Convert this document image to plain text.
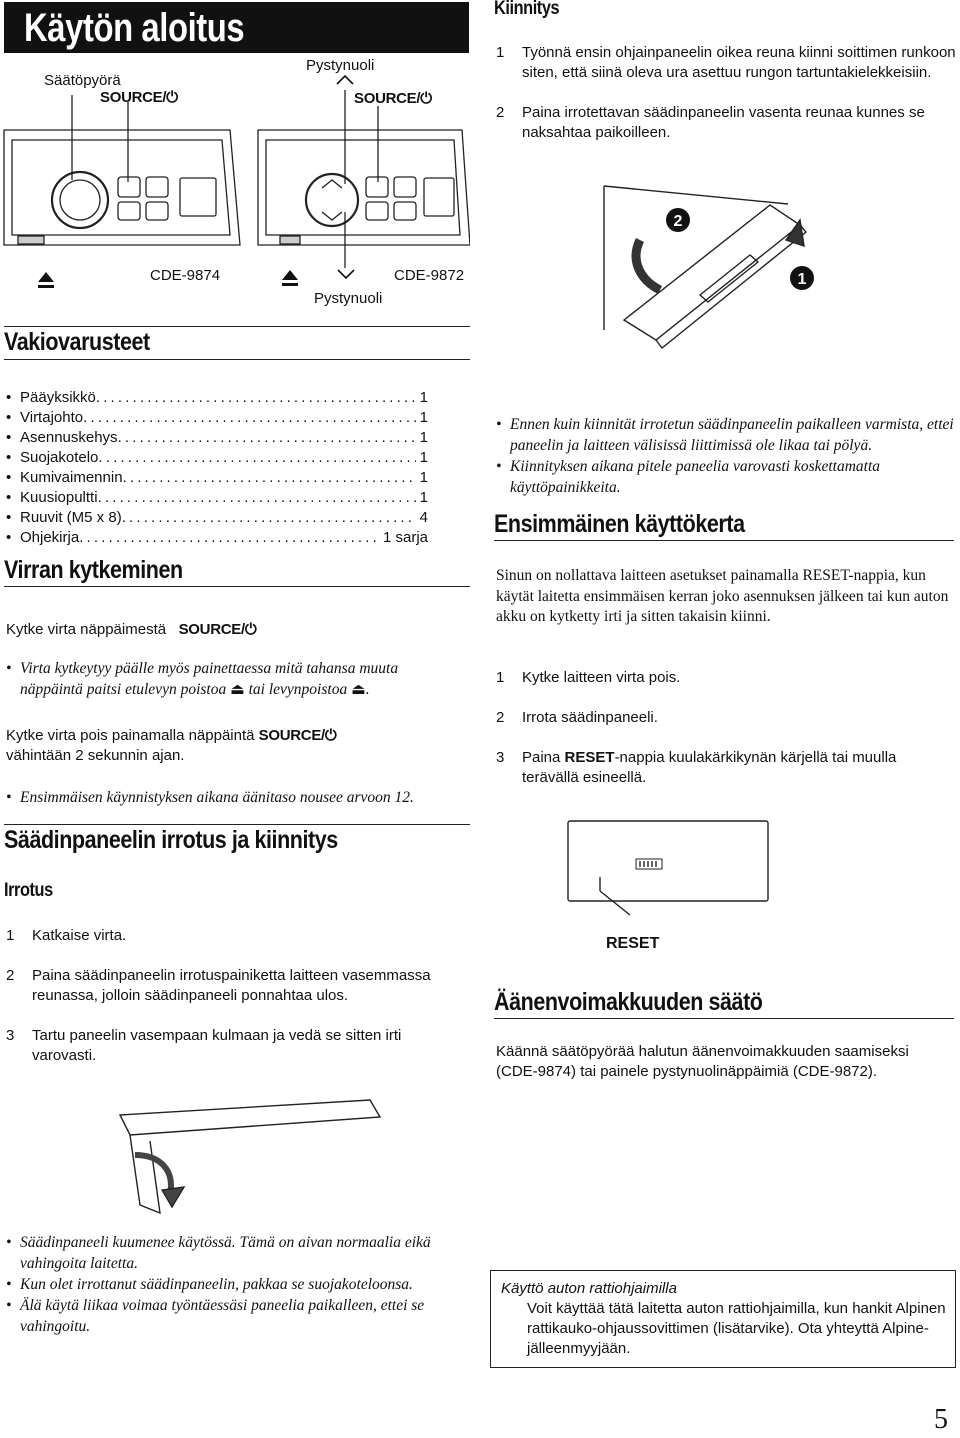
Käytön aloitus
Säätöpyörä
SOURCE/⏻
Pystynuoli
SOURCE/⏻
CDE-9874	CDE-9872
Pystynuoli
Vakiovarusteet
• Pääyksikkö . . .	1
• Virtajohto . . .	1
• Asennuskehys . . .	1
• Suojakotelo . . .	1
• Kumivaimennin . . .	1
• Kuusiopultti . . .	1
• Ruuvit (M5 x 8) . . .	4
• Ohjekirja . . .	1 sarja
Virran kytkeminen
Kytke virta näppäimestä SOURCE/⏻
• Virta kytkeytyy päälle myös painettaessa mitä tahansa muuta näppäintä paitsi etulevyn poistoa ⏏ tai levynpoistoa ⏏.
Kytke virta pois painamalla näppäintä SOURCE/⏻
vähintään 2 sekunnin ajan.
• Ensimmäisen käynnistyksen aikana äänitaso nousee arvoon 12.
Säädinpaneelin irrotus ja kiinnitys
Irrotus
1	Katkaise virta.
2	Paina säädinpaneelin irrotuspainiketta laitteen vasemmassa reunassa, jolloin säädinpaneeli ponnahtaa ulos.
3	Tartu paneelin vasempaan kulmaan ja vedä se sitten irti varovasti.
• Säädinpaneeli kuumenee käytössä. Tämä on aivan normaalia eikä vahingoita laitetta.
• Kun olet irrottanut säädinpaneelin, pakkaa se suojakoteloonsa.
• Älä käytä liikaa voimaa työntäessäsi paneelia paikalleen, ettei se vahingoitu.
Kiinnitys
1	Työnnä ensin ohjainpaneelin oikea reuna kiinni soittimen runkoon siten, että siinä oleva ura asettuu rungon tartuntakielekkeisiin.
2	Paina irrotettavan säädinpaneelin vasenta reunaa kunnes se naksahtaa paikoilleen.
2
1
• Ennen kuin kiinnität irrotetun säädinpaneelin paikalleen varmista, ettei paneelin ja laitteen välisissä liittimissä ole likaa tai pölyä.
• Kiinnityksen aikana pitele paneelia varovasti koskettamatta käyttöpainikkeita.
Ensimmäinen käyttökerta
Sinun on nollattava laitteen asetukset painamalla RESET-nappia, kun käytät laitetta ensimmäisen kerran joko asennuksen jälkeen tai kun auton akku on kytketty irti ja sitten takaisin kiinni.
1	Kytke laitteen virta pois.
2	Irrota säädinpaneeli.
3	Paina RESET-nappia kuulakärkikynän kärjellä tai muulla terävällä esineellä.
RESET
Äänenvoimakkuuden säätö
Käännä säätöpyörää halutun äänenvoimakkuuden saamiseksi (CDE-9874) tai painele pystynuolinäppäimiä (CDE-9872).
Käyttö auton rattiohjaimilla
Voit käyttää tätä laitetta auton rattiohjaimilla, kun hankit Alpinen rattikauko-ohjaussovittimen (lisätarvike). Ota yhteyttä Alpine-jälleenmyyjään.
5
